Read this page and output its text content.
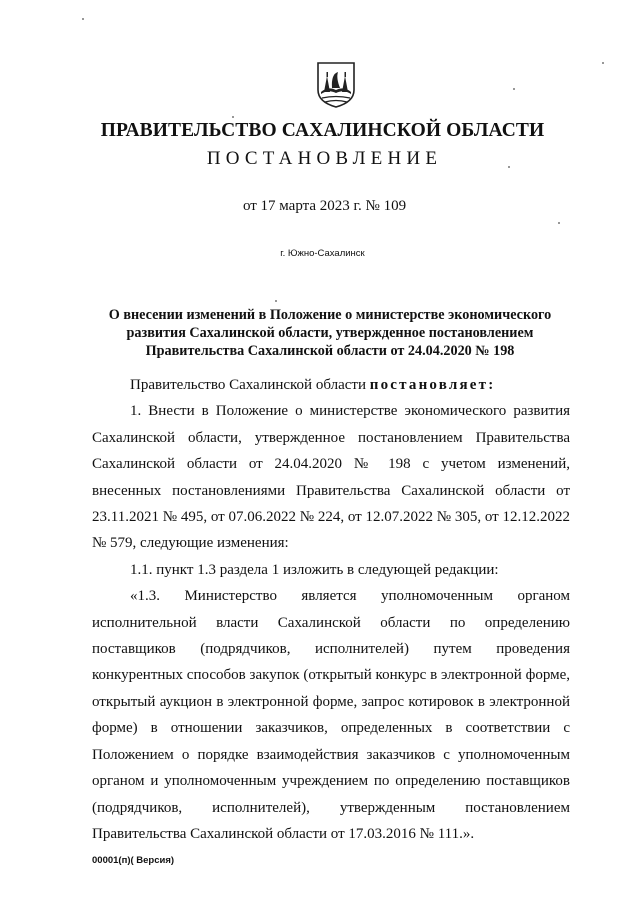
ПРАВИТЕЛЬСТВО САХАЛИНСКОЙ ОБЛАСТИ
ПОСТАНОВЛЕНИЕ
от 17 марта 2023 г. № 109
г. Южно-Сахалинск
О внесении изменений в Положение о министерстве экономического
развития Сахалинской области, утвержденное постановлением
Правительства Сахалинской области от 24.04.2020 № 198

Правительство Сахалинской области постановляет:

1. Внести в Положение о министерстве экономического развития Сахалинской области, утвержденное постановлением Правительства Сахалинской области от 24.04.2020 № 198 с учетом изменений, внесенных постановлениями Правительства Сахалинской области от 23.11.2021 № 495, от 07.06.2022 № 224, от 12.07.2022 № 305, от 12.12.2022 № 579, следующие изменения:

1.1. пункт 1.3 раздела 1 изложить в следующей редакции:

«1.3. Министерство является уполномоченным органом исполнительной власти Сахалинской области по определению поставщиков (подрядчиков, исполнителей) путем проведения конкурентных способов закупок (открытый конкурс в электронной форме, открытый аукцион в электронной форме, запрос котировок в электронной форме) в отношении заказчиков, определенных в соответствии с Положением о порядке взаимодействия заказчиков с уполномоченным органом и уполномоченным учреждением по определению поставщиков (подрядчиков, исполнителей), утвержденным постановлением Правительства Сахалинской области от 17.03.2016 № 111.».

00001(п)( Версия)
